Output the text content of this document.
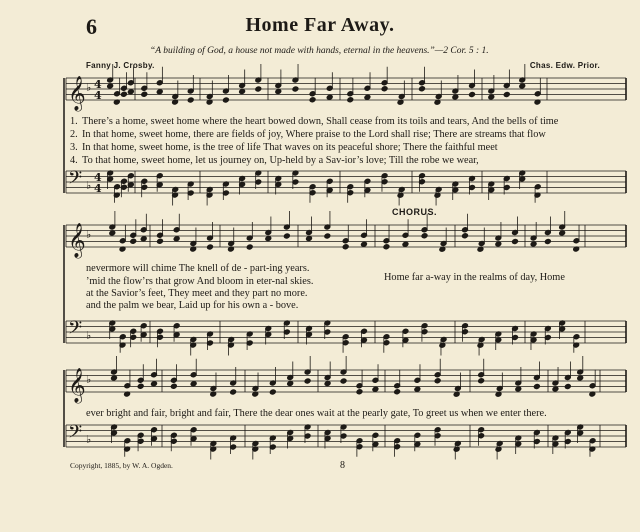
𝄞 ♭ 4
4
𝄢 ♭
4
4
𝄞 ♭
𝄢 ♭
𝄞 ♭
𝄢 ♭
6	Home Far Away.
“A building of God, a house not made with hands, eternal in the heavens.”—2 Cor. 5 : 1.
Fanny J. Crosby.	Chas. Edw. Prior.
1. There’s a home, sweet home where the heart bowed down, Shall cease from its toils and tears, And the bells of time
2. In that home, sweet home, there are fields of joy, Where praise to the Lord shall rise; There are streams that flow
3. In that home, sweet home, is the tree of life That waves on its peaceful shore; There the faithful meet
4. To that home, sweet home, let us journey on, Up-held by a Sav-ior’s love; Till the robe we wear,
CHORUS.
nevermore will chime The knell of de - part-ing years.
’mid the flow’rs that grow And bloom in eter-nal skies.
at the Savior’s feet, They meet and they part no more.
and the palm we bear, Laid up for his own a - bove.
Home far a-way in the realms of day, Home
ever bright and fair, bright and fair, There the dear ones wait at the pearly gate, To greet us when we enter there.
Copyright, 1885, by W. A. Ogden.	8
